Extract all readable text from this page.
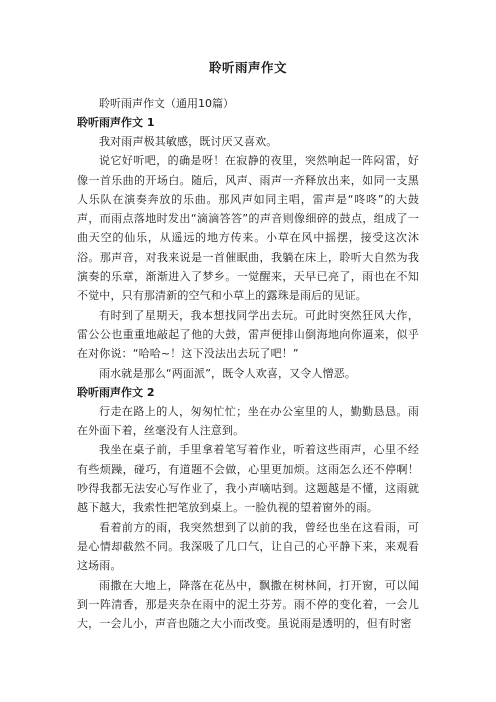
聆听雨声作文

聆听雨声作文（通用10篇）

聆听雨声作文 1

我对雨声极其敏感，既讨厌又喜欢。

说它好听吧，的确是呀！在寂静的夜里，突然响起一阵闷雷，好像一首乐曲的开场白。随后，风声、雨声一齐释放出来，如同一支黑人乐队在演奏奔放的乐曲。那风声如同主唱，雷声是“咚咚”的大鼓声，而雨点落地时发出“滴滴答答”的声音则像细碎的鼓点，组成了一曲天空的仙乐，从遥远的地方传来。小草在风中摇摆，接受这次沐浴。那声音，对我来说是一首催眠曲，我躺在床上，聆听大自然为我演奏的乐章，渐渐进入了梦乡。一觉醒来，天早已亮了，雨也在不知不觉中，只有那清新的空气和小草上的露珠是雨后的见证。

有时到了星期天，我本想找同学出去玩。可此时突然狂风大作，雷公公也重重地敲起了他的大鼓，雷声便排山倒海地向你逼来，似乎在对你说：“哈哈~！这下没法出去玩了吧！”

雨水就是那么“两面派”，既令人欢喜，又令人憎恶。

聆听雨声作文 2

行走在路上的人，匆匆忙忙；坐在办公室里的人，勤勤恳恳。雨在外面下着，丝毫没有人注意到。

我坐在桌子前，手里拿着笔写着作业，听着这些雨声，心里不经有些烦躁，碰巧，有道题不会做，心里更加烦。这雨怎么还不停啊！吵得我都无法安心写作业了，我小声嘀咕到。这题越是不懂，这雨就越下越大，我索性把笔放到桌上。一脸仇视的望着窗外的雨。

看着前方的雨，我突然想到了以前的我，曾经也坐在这看雨，可是心情却截然不同。我深吸了几口气，让自己的心平静下来，来观看这场雨。

雨撒在大地上，降落在花丛中，飘撒在树林间，打开窗，可以闻到一阵清香，那是夹杂在雨中的泥土芬芳。雨不停的变化着，一会儿大，一会儿小，声音也随之大小而改变。虽说雨是透明的，但有时密
